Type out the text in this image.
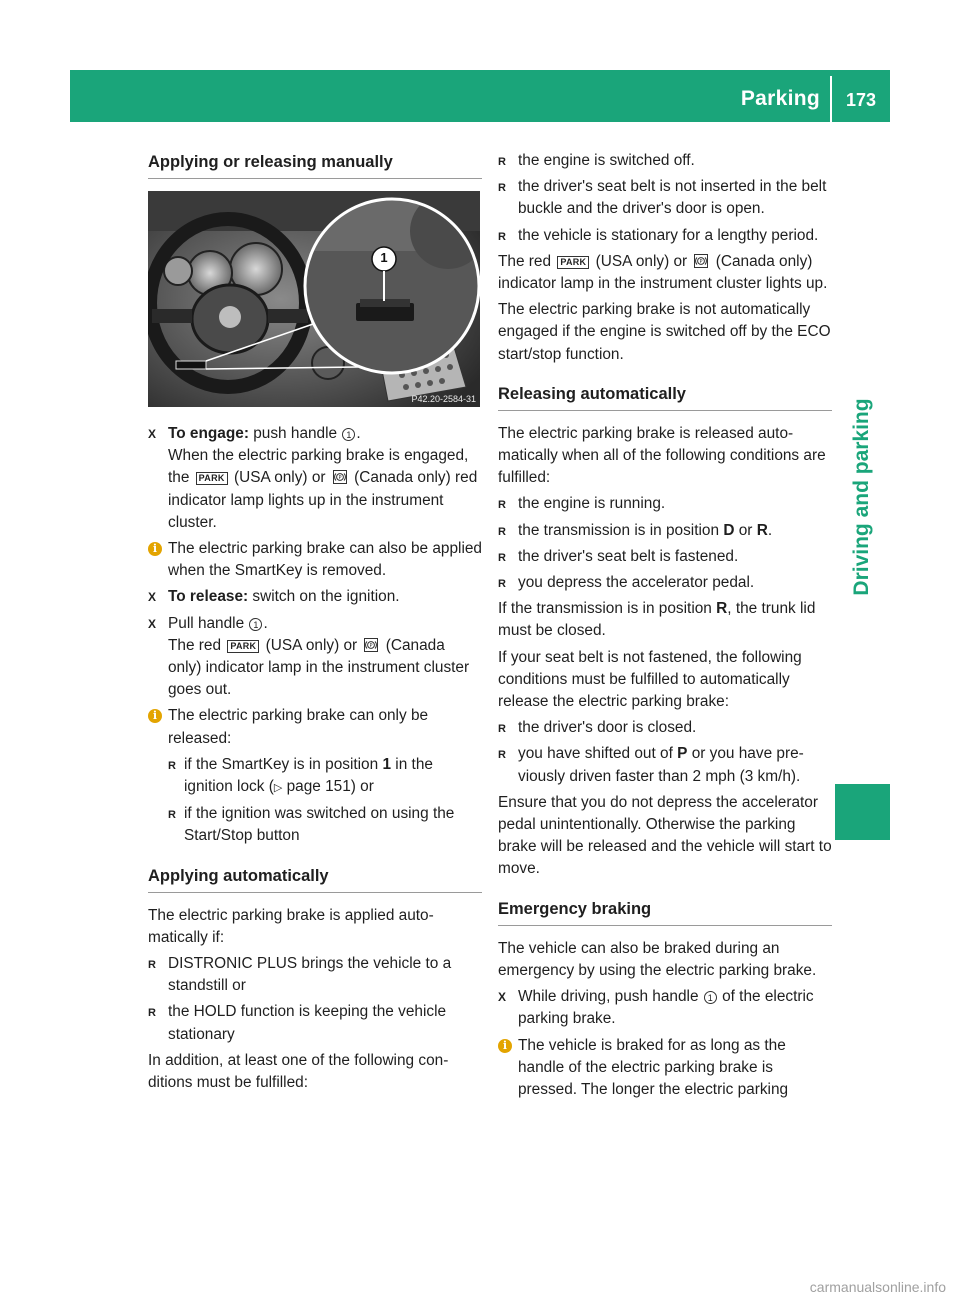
Parking 173
Driving and parking
Applying or releasing manually
1
P42.20-2584-31
X To engage: push handle 1 .
When the electric parking brake is engaged, the PARK (USA only) or P (Canada only) red indicator lamp lights up in the instrument cluster.
i The electric parking brake can also be applied when the SmartKey is removed.
X To release: switch on the ignition.
X Pull handle 1 .
The red PARK (USA only) or P (Canada only) indicator lamp in the instrument cluster goes out.
i The electric parking brake can only be released:
R if the SmartKey is in position 1 in the ignition lock (▷ page 151) or
R if the ignition was switched on using the Start/Stop button
Applying automatically

The electric parking brake is applied automatically if:

R DISTRONIC PLUS brings the vehicle to a standstill or
R the HOLD function is keeping the vehicle stationary

In addition, at least one of the following conditions must be fulfilled:

R the engine is switched off.
R the driver's seat belt is not inserted in the belt buckle and the driver's door is open.
R the vehicle is stationary for a lengthy period.

The red PARK (USA only) or P (Canada only) indicator lamp in the instrument cluster lights up.

The electric parking brake is not automatically engaged if the engine is switched off by the ECO start/stop function.

Releasing automatically

The electric parking brake is released automatically when all of the following conditions are fulfilled:

R the engine is running.
R the transmission is in position D or R.
R the driver's seat belt is fastened.
R you depress the accelerator pedal.

If the transmission is in position R, the trunk lid must be closed.

If your seat belt is not fastened, the following conditions must be fulfilled to automatically release the electric parking brake:

R the driver's door is closed.
R you have shifted out of P or you have previously driven faster than 2 mph (3 km/h).

Ensure that you do not depress the accelerator pedal unintentionally. Otherwise the parking brake will be released and the vehicle will start to move.

Emergency braking

The vehicle can also be braked during an emergency by using the electric parking brake.

X While driving, push handle 1 of the electric parking brake.
i The vehicle is braked for as long as the handle of the electric parking brake is pressed. The longer the electric parking
carmanualsonline.info
